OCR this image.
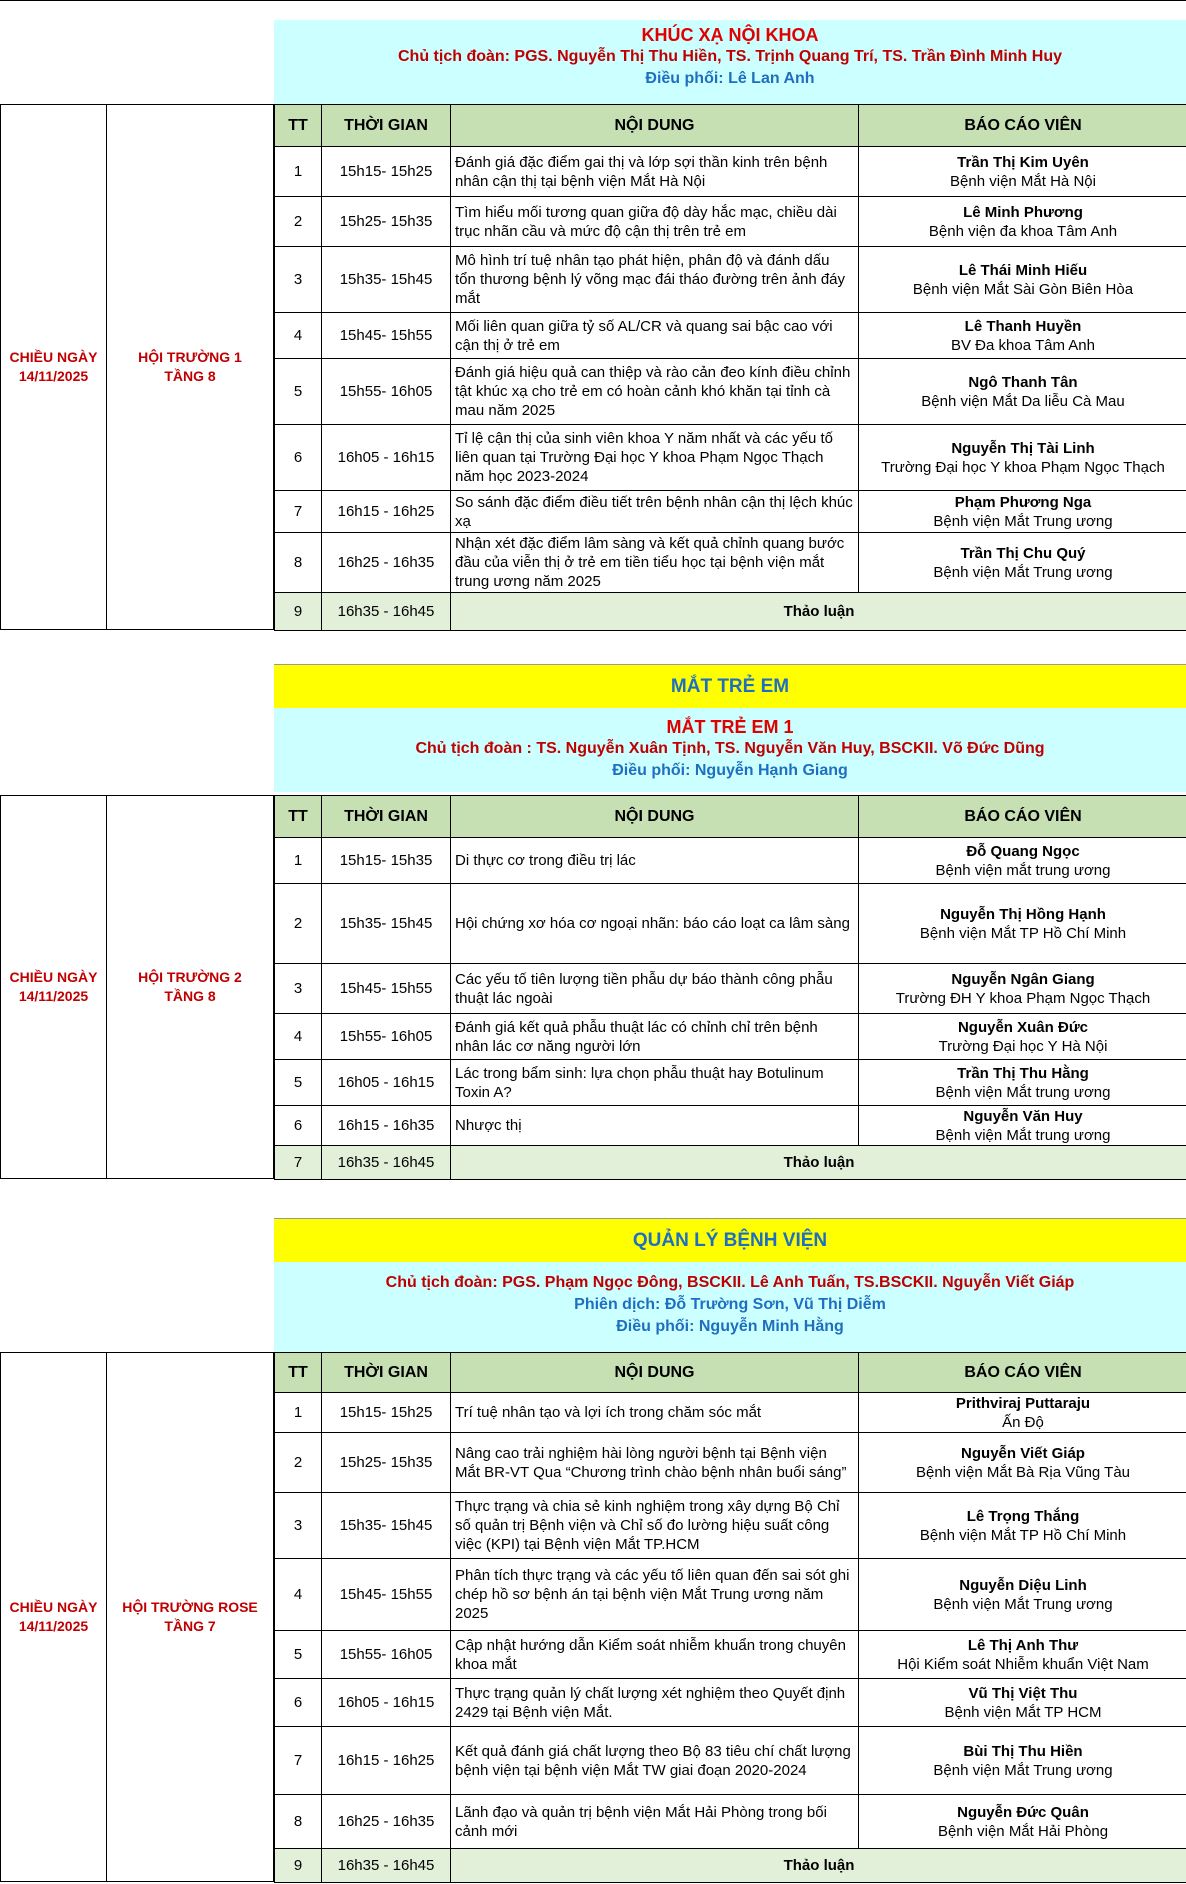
KHÚC XẠ NỘI KHOA
Chủ tịch đoàn: PGS. Nguyễn Thị Thu Hiền, TS. Trịnh Quang Trí, TS. Trần Đình Minh Huy
Điều phối: Lê Lan Anh
CHIỀU NGÀY 14/11/2025
HỘI TRƯỜNG 1
TẦNG 8
TT	THỜI GIAN	NỘI DUNG	BÁO CÁO VIÊN
1	15h15- 15h25	Đánh giá đặc điểm gai thị và lớp sợi thần kinh trên bệnh nhân cận thị tại bệnh viện Mắt Hà Nội	Trần Thị Kim Uyên
Bệnh viện Mắt Hà Nội

2	15h25- 15h35	Tìm hiểu mối tương quan giữa độ dày hắc mạc, chiều dài trục nhãn cầu và mức độ cận thị trên trẻ em	Lê Minh Phương
Bệnh viện đa khoa Tâm Anh

3	15h35- 15h45	Mô hình trí tuệ nhân tạo phát hiện, phân độ và đánh dấu tổn thương bệnh lý võng mạc đái tháo đường trên ảnh đáy mắt	Lê Thái Minh Hiếu
Bệnh viện Mắt Sài Gòn Biên Hòa

4	15h45- 15h55	Mối liên quan giữa tỷ số AL/CR và quang sai bậc cao với cận thị ở trẻ em	Lê Thanh Huyền
BV Đa khoa Tâm Anh

5	15h55- 16h05	Đánh giá hiệu quả can thiệp và rào cản đeo kính điều chỉnh tật khúc xạ cho trẻ em có hoàn cảnh khó khăn tại tỉnh cà mau năm 2025	Ngô Thanh Tân
Bệnh viện Mắt Da liễu Cà Mau

6	16h05 - 16h15	Tỉ lệ cận thị của sinh viên khoa Y năm nhất và các yếu tố liên quan tại Trường Đại học Y khoa Phạm Ngọc Thạch năm học 2023-2024	Nguyễn Thị Tài Linh
Trường Đại học Y khoa Phạm Ngọc Thạch

7	16h15 - 16h25	So sánh đặc điểm điều tiết trên bệnh nhân cận thị lệch khúc xạ	Phạm Phương Nga
Bệnh viện Mắt Trung ương

8	16h25 - 16h35	Nhận xét đặc điểm lâm sàng và kết quả chỉnh quang bước đầu của viễn thị ở trẻ em tiền tiểu học tại bệnh viện mắt trung ương năm 2025	Trần Thị Chu Quý
Bệnh viện Mắt Trung ương

9	16h35 - 16h45	Thảo luận	
MẮT TRẺ EM
MẮT TRẺ EM 1
Chủ tịch đoàn : TS. Nguyễn Xuân Tịnh, TS. Nguyễn Văn Huy, BSCKII. Võ Đức Dũng
Điều phối: Nguyễn Hạnh Giang
CHIỀU NGÀY 14/11/2025
HỘI TRƯỜNG 2
TẦNG 8
TT	THỜI GIAN	NỘI DUNG	BÁO CÁO VIÊN
1	15h15- 15h35	Di thực cơ trong điều trị lác	Đỗ Quang Ngọc
Bệnh viện mắt trung ương

2	15h35- 15h45	Hội chứng xơ hóa cơ ngoại nhãn: báo cáo loạt ca lâm sàng	Nguyễn Thị Hồng Hạnh
Bệnh viện Mắt TP Hồ Chí Minh

3	15h45- 15h55	Các yếu tố tiên lượng tiền phẫu dự báo thành công phẫu thuật lác ngoài	Nguyễn Ngân Giang
Trường ĐH Y khoa Phạm Ngọc Thạch

4	15h55- 16h05	Đánh giá kết quả phẫu thuật lác có chỉnh chỉ trên bệnh nhân lác cơ năng người lớn	Nguyễn Xuân Đức
Trường Đại học Y Hà Nội

5	16h05 - 16h15	Lác trong bẩm sinh: lựa chọn phẫu thuật hay Botulinum Toxin A?	Trần Thị Thu Hằng
Bệnh viện Mắt trung ương

6	16h15 - 16h35	Nhược thị	Nguyễn Văn Huy
Bệnh viện Mắt trung ương

7	16h35 - 16h45	Thảo luận	
QUẢN LÝ BỆNH VIỆN
Chủ tịch đoàn: PGS. Phạm Ngọc Đông, BSCKII. Lê Anh Tuấn, TS.BSCKII. Nguyễn Viết Giáp
Phiên dịch: Đỗ Trường Sơn, Vũ Thị Diễm
Điều phối: Nguyễn Minh Hằng
CHIỀU NGÀY 14/11/2025
HỘI TRƯỜNG ROSE
TẦNG 7
TT	THỜI GIAN	NỘI DUNG	BÁO CÁO VIÊN
1	15h15- 15h25	Trí tuệ nhân tạo và lợi ích trong chăm sóc mắt	Prithviraj Puttaraju
Ấn Độ

2	15h25- 15h35	Nâng cao trải nghiệm hài lòng người bệnh tại Bệnh viện Mắt BR-VT Qua “Chương trình chào bệnh nhân buổi sáng”	Nguyễn Viết Giáp
Bệnh viện Mắt Bà Rịa Vũng Tàu

3	15h35- 15h45	Thực trạng và chia sẻ kinh nghiệm trong xây dựng Bộ Chỉ số quản trị Bệnh viện và Chỉ số đo lường hiệu suất công việc (KPI) tại Bệnh viện Mắt TP.HCM	Lê Trọng Thắng
Bệnh viện Mắt TP Hồ Chí Minh

4	15h45- 15h55	Phân tích thực trạng và các yếu tố liên quan đến sai sót ghi chép hồ sơ bệnh án tại bệnh viện Mắt Trung ương năm 2025	Nguyễn Diệu Linh
Bệnh viện Mắt Trung ương

5	15h55- 16h05	Cập nhật hướng dẫn Kiểm soát nhiễm khuẩn trong chuyên khoa mắt	Lê Thị Anh Thư
Hội Kiểm soát Nhiễm khuẩn Việt Nam

6	16h05 - 16h15	Thực trạng quản lý chất lượng xét nghiệm theo Quyết định 2429 tại Bệnh viện Mắt.	Vũ Thị Việt Thu
Bệnh viện Mắt TP HCM

7	16h15 - 16h25	Kết quả đánh giá chất lượng theo Bộ 83 tiêu chí chất lượng bệnh viện tại bệnh viện Mắt TW giai đoạn 2020-2024	Bùi Thị Thu Hiền
Bệnh viện Mắt Trung ương

8	16h25 - 16h35	Lãnh đạo và quản trị bệnh viện Mắt Hải Phòng trong bối cảnh mới	Nguyễn Đức Quân
Bệnh viện Mắt Hải Phòng

9	16h35 - 16h45	Thảo luận	
